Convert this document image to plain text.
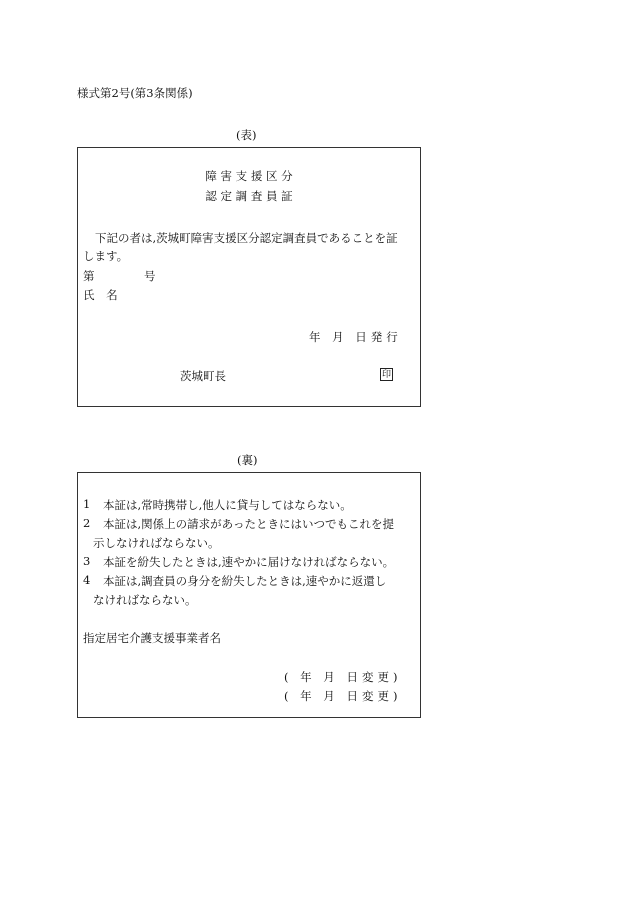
様式第2号(第3条関係)
(表)
障 害 支 援 区 分
認 定 調 査 員 証
下記の者は,茨城町障害支援区分認定調査員であることを証
します。
第	号
氏 名
年 月 日発行
茨城町長	印
(裏)
1 本証は,常時携帯し,他人に貸与してはならない。
2 本証は,関係上の請求があったときにはいつでもこれを提
示しなければならない。
3 本証を紛失したときは,速やかに届けなければならない。
4 本証は,調査員の身分を紛失したときは,速やかに返還し
なければならない。
指定居宅介護支援事業者名
( 年 月 日変更)
( 年 月 日変更)
